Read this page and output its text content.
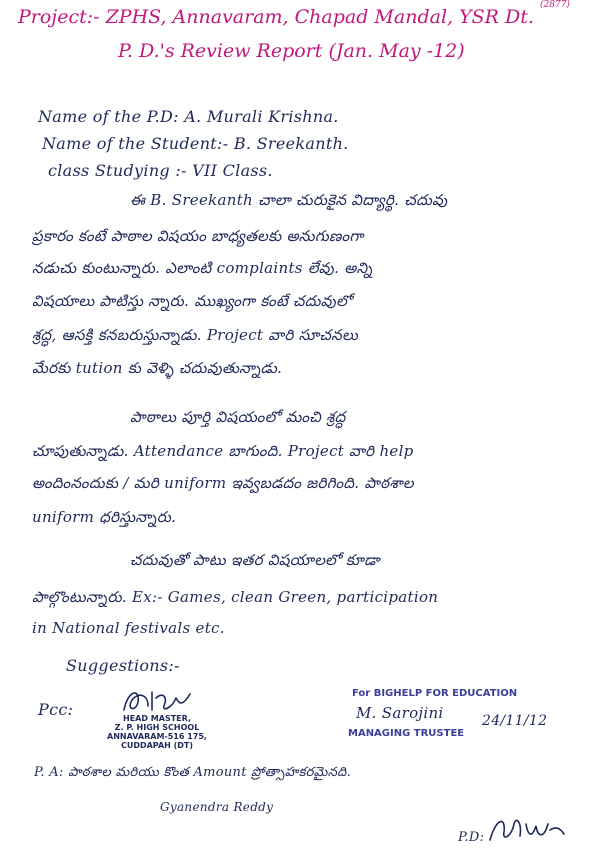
(2877)
Project:- ZPHS, Annavaram, Chapad Mandal, YSR Dt.
P. D.'s Review Report (Jan. May -12)
Name of the P.D: A. Murali Krishna.
Name of the Student:- B. Sreekanth.
class Studying :- VII Class.
ఈ B. Sreekanth చాలా చురుకైన విద్యార్థి. చదువు
ప్రకారం కంటే పాఠాల విషయం బాధ్యతలకు అనుగుణంగా
నడుచు కుంటున్నారు. ఎలాంటి complaints లేవు. అన్ని
విషయాలు పాటిస్తు న్నారు. ముఖ్యంగా కంటే చదువులో
శ్రద్ధ, ఆసక్తి కనబరుస్తున్నాడు. Project వారి సూచనలు
మేరకు tution కు వెళ్ళి చదువుతున్నాడు.
పాఠాలు పూర్తి విషయంలో మంచి శ్రద్ధ
చూపుతున్నాడు. Attendance బాగుంది. Project వారి help
అందింనందుకు / మరి uniform ఇవ్వబడదం జరిగింది. పాఠశాల
uniform ధరిస్తున్నారు.
చదువుతో పాటు ఇతర విషయాలలో కూడా
పాల్గొంటున్నారు. Ex:- Games, clean Green, participation
in National festivals etc.
Suggestions:-
Pcc:	HEAD MASTER,
Z. P. HIGH SCHOOL
ANNAVARAM-516 175,
CUDDAPAH (DT)
For BIGHELP FOR EDUCATION
M. Sarojini
MANAGING TRUSTEE
24/11/12
P. A: పాఠశాల మరియు కొంత Amount ప్రోత్సాహకరమైనది.
Gyanendra Reddy
P.D:
